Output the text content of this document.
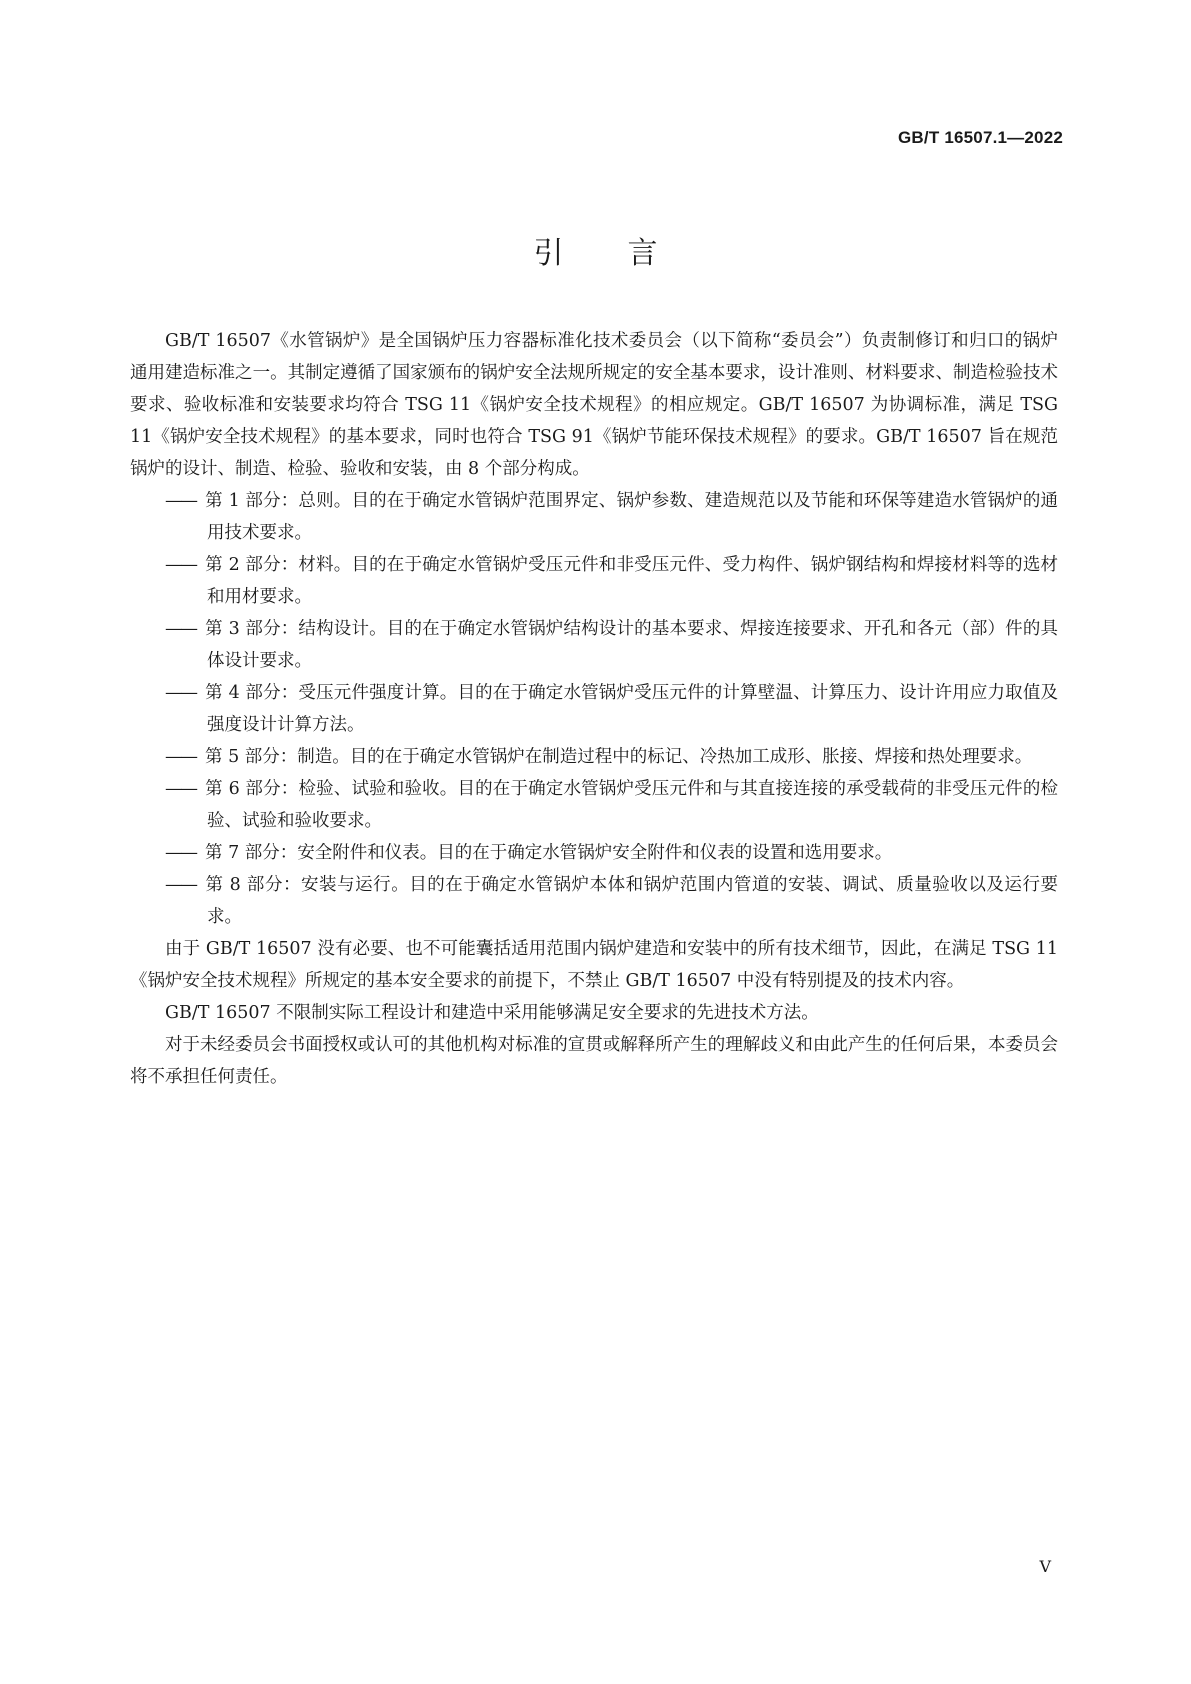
GB/T 16507.1—2022
引言

GB/T 16507《水管锅炉》是全国锅炉压力容器标准化技术委员会（以下简称“委员会”）负责制修订和归口的锅炉通用建造标准之一。其制定遵循了国家颁布的锅炉安全法规所规定的安全基本要求，设计准则、材料要求、制造检验技术要求、验收标准和安装要求均符合 TSG 11《锅炉安全技术规程》的相应规定。GB/T 16507 为协调标准，满足 TSG 11《锅炉安全技术规程》的基本要求，同时也符合 TSG 91《锅炉节能环保技术规程》的要求。GB/T 16507 旨在规范锅炉的设计、制造、检验、验收和安装，由 8 个部分构成。

—— 第 1 部分：总则。目的在于确定水管锅炉范围界定、锅炉参数、建造规范以及节能和环保等建造水管锅炉的通用技术要求。
—— 第 2 部分：材料。目的在于确定水管锅炉受压元件和非受压元件、受力构件、锅炉钢结构和焊接材料等的选材和用材要求。
—— 第 3 部分：结构设计。目的在于确定水管锅炉结构设计的基本要求、焊接连接要求、开孔和各元（部）件的具体设计要求。
—— 第 4 部分：受压元件强度计算。目的在于确定水管锅炉受压元件的计算壁温、计算压力、设计许用应力取值及强度设计计算方法。
—— 第 5 部分：制造。目的在于确定水管锅炉在制造过程中的标记、冷热加工成形、胀接、焊接和热处理要求。
—— 第 6 部分：检验、试验和验收。目的在于确定水管锅炉受压元件和与其直接连接的承受载荷的非受压元件的检验、试验和验收要求。
—— 第 7 部分：安全附件和仪表。目的在于确定水管锅炉安全附件和仪表的设置和选用要求。
—— 第 8 部分：安装与运行。目的在于确定水管锅炉本体和锅炉范围内管道的安装、调试、质量验收以及运行要求。

由于 GB/T 16507 没有必要、也不可能囊括适用范围内锅炉建造和安装中的所有技术细节，因此，在满足 TSG 11《锅炉安全技术规程》所规定的基本安全要求的前提下，不禁止 GB/T 16507 中没有特别提及的技术内容。

GB/T 16507 不限制实际工程设计和建造中采用能够满足安全要求的先进技术方法。

对于未经委员会书面授权或认可的其他机构对标准的宣贯或解释所产生的理解歧义和由此产生的任何后果，本委员会将不承担任何责任。

V
